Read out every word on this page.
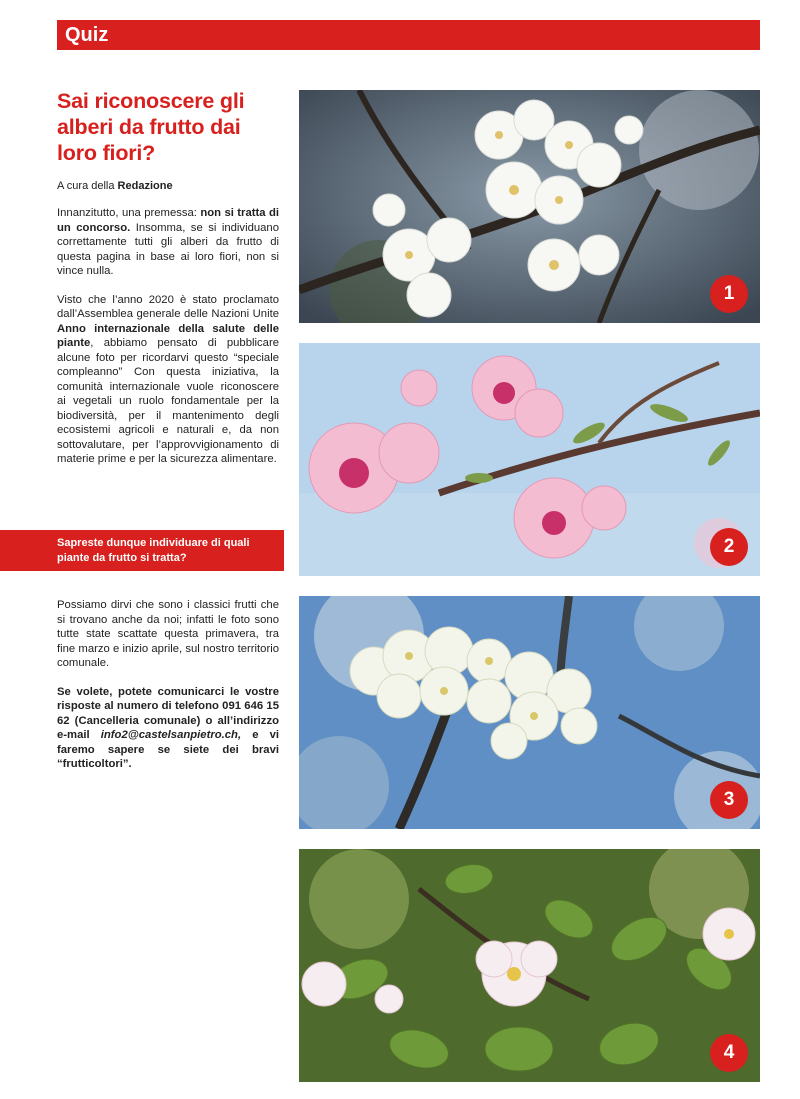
Quiz
Sai riconoscere gli alberi da frutto dai loro fiori?

A cura della Redazione

Innanzitutto, una premessa: non si tratta di un concorso. Insomma, se si individuano correttamente tutti gli alberi da frutto di questa pagina in base ai loro fiori, non si vince nulla.

Visto che l’anno 2020 è stato proclamato dall’Assemblea generale delle Nazioni Unite Anno internazionale della salute delle piante, abbiamo pensato di pubblicare alcune foto per ricordarvi questo “speciale compleanno” Con questa iniziativa, la comunità internazionale vuole riconoscere ai vegetali un ruolo fondamentale per la biodiversità, per il mantenimento degli ecosistemi agricoli e naturali e, da non sottovalutare, per l’approvvigionamento di materie prime e per la sicurezza alimentare.

Sapreste dunque individuare di quali piante da frutto si tratta?

Possiamo dirvi che sono i classici frutti che si trovano anche da noi; infatti le foto sono tutte state scattate questa primavera, tra fine marzo e inizio aprile, sul nostro territorio comunale.

Se volete, potete comunicarci le vostre risposte al numero di telefono 091 646 15 62 (Cancelleria comunale) o all’indirizzo e-mail info2@castelsanpietro.ch, e vi faremo sapere se siete dei bravi “frutticoltori”.

1
2
3
4
